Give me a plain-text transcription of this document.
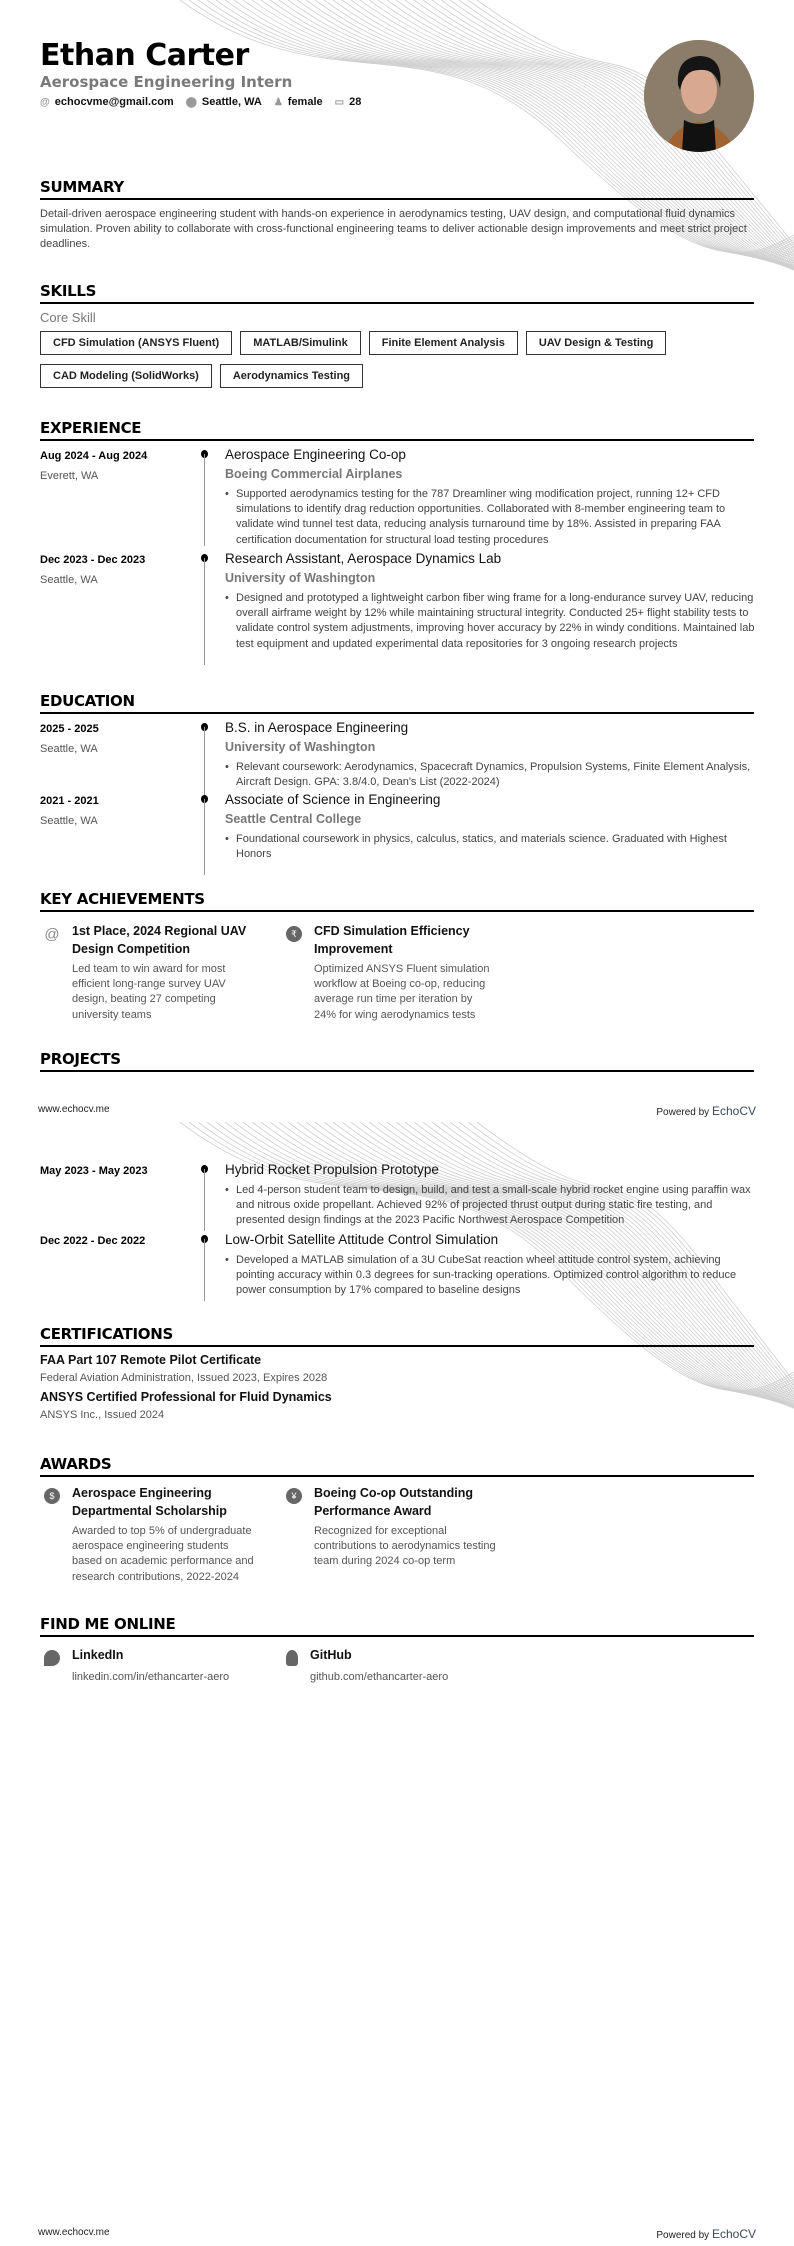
Ethan Carter
Aerospace Engineering Intern
@ echocvme@gmail.com ⬤ Seattle, WA ♟ female ▭ 28
SUMMARY
Detail-driven aerospace engineering student with hands-on experience in aerodynamics testing, UAV design, and computational fluid dynamics simulation. Proven ability to collaborate with cross-functional engineering teams to deliver actionable design improvements and meet strict project deadlines.
SKILLS
Core Skill
CFD Simulation (ANSYS Fluent)	MATLAB/Simulink	Finite Element Analysis	UAV Design & Testing
CAD Modeling (SolidWorks)	Aerodynamics Testing
EXPERIENCE
Aug 2024 - Aug 2024
Everett, WA
Aerospace Engineering Co-op
Boeing Commercial Airplanes
• Supported aerodynamics testing for the 787 Dreamliner wing modification project, running 12+ CFD simulations to identify drag reduction opportunities. Collaborated with 8-member engineering team to validate wind tunnel test data, reducing analysis turnaround time by 18%. Assisted in preparing FAA certification documentation for structural load testing procedures
Dec 2023 - Dec 2023
Seattle, WA
Research Assistant, Aerospace Dynamics Lab
University of Washington
• Designed and prototyped a lightweight carbon fiber wing frame for a long-endurance survey UAV, reducing overall airframe weight by 12% while maintaining structural integrity. Conducted 25+ flight stability tests to validate control system adjustments, improving hover accuracy by 22% in windy conditions. Maintained lab test equipment and updated experimental data repositories for 3 ongoing research projects
EDUCATION
2025 - 2025
Seattle, WA
B.S. in Aerospace Engineering
University of Washington
• Relevant coursework: Aerodynamics, Spacecraft Dynamics, Propulsion Systems, Finite Element Analysis, Aircraft Design. GPA: 3.8/4.0, Dean's List (2022-2024)
2021 - 2021
Seattle, WA
Associate of Science in Engineering
Seattle Central College
• Foundational coursework in physics, calculus, statics, and materials science. Graduated with Highest Honors
KEY ACHIEVEMENTS
@ 1st Place, 2024 Regional UAV Design Competition
Led team to win award for most efficient long-range survey UAV design, beating 27 competing university teams
₹	CFD Simulation Efficiency Improvement
Optimized ANSYS Fluent simulation workflow at Boeing co-op, reducing average run time per iteration by 24% for wing aerodynamics tests
PROJECTS
www.echocv.me	Powered by EchoCV
May 2023 - May 2023	Hybrid Rocket Propulsion Prototype
• Led 4-person student team to design, build, and test a small-scale hybrid rocket engine using paraffin wax and nitrous oxide propellant. Achieved 92% of projected thrust output during static fire testing, and presented design findings at the 2023 Pacific Northwest Aerospace Competition
Dec 2022 - Dec 2022	Low-Orbit Satellite Attitude Control Simulation
• Developed a MATLAB simulation of a 3U CubeSat reaction wheel attitude control system, achieving pointing accuracy within 0.3 degrees for sun-tracking operations. Optimized control algorithm to reduce power consumption by 17% compared to baseline designs
CERTIFICATIONS
FAA Part 107 Remote Pilot Certificate
Federal Aviation Administration, Issued 2023, Expires 2028
ANSYS Certified Professional for Fluid Dynamics
ANSYS Inc., Issued 2024
AWARDS
$	Aerospace Engineering Departmental Scholarship
Awarded to top 5% of undergraduate aerospace engineering students based on academic performance and research contributions, 2022-2024
¥	Boeing Co-op Outstanding Performance Award
Recognized for exceptional contributions to aerodynamics testing team during 2024 co-op term
FIND ME ONLINE
LinkedIn
linkedin.com/in/ethancarter-aero
GitHub
github.com/ethancarter-aero
www.echocv.me	Powered by EchoCV
